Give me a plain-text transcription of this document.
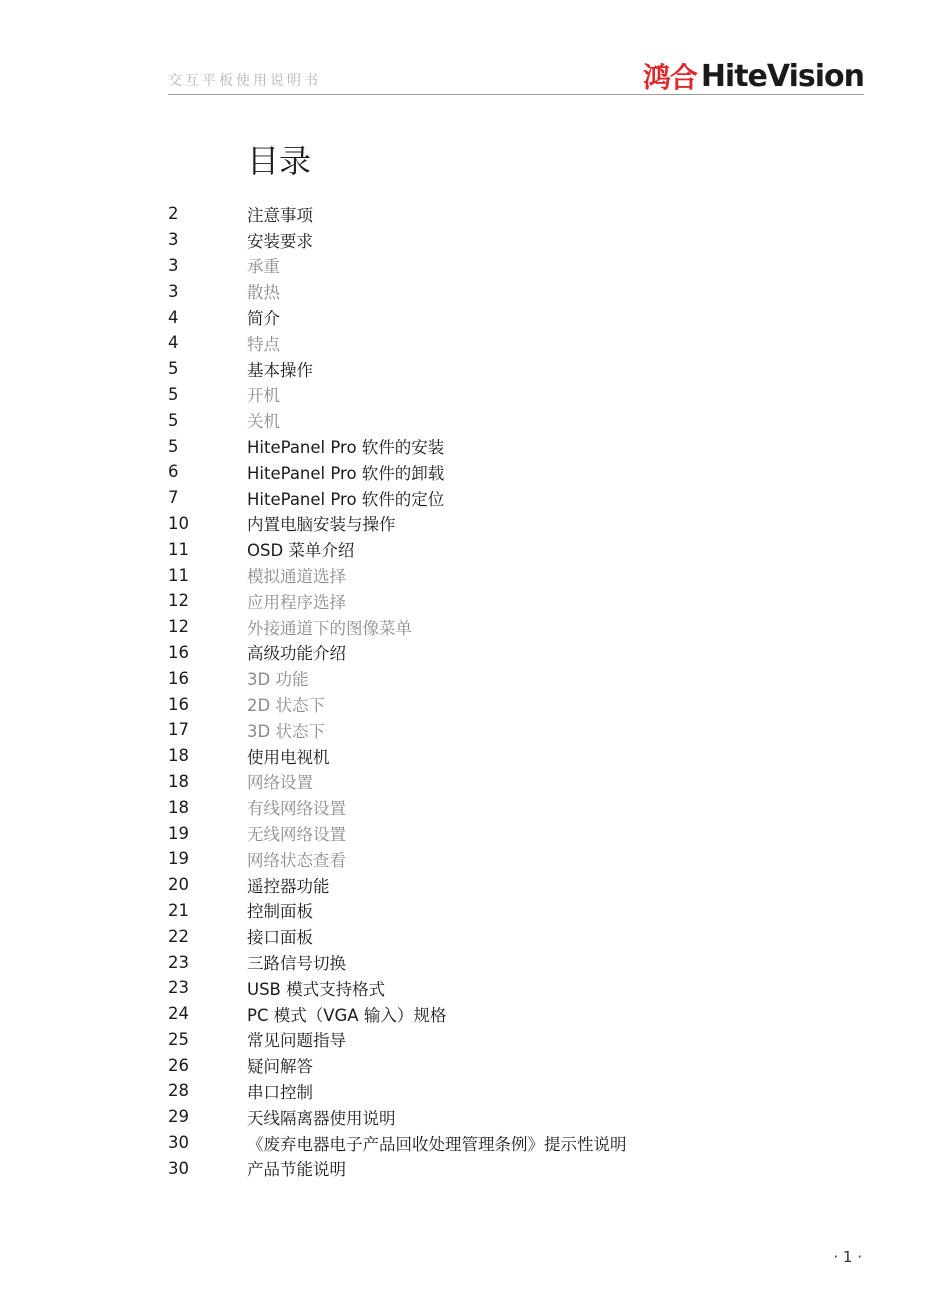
交互平板使用说明书	鸿合 HiteVision
目录
2	注意事项
3	安装要求
3	承重
3	散热
4	简介
4	特点
5	基本操作
5	开机
5	关机
5	HitePanel Pro 软件的安装
6	HitePanel Pro 软件的卸载
7	HitePanel Pro 软件的定位
10	内置电脑安装与操作
11	OSD 菜单介绍
11	模拟通道选择
12	应用程序选择
12	外接通道下的图像菜单
16	高级功能介绍
16	3D 功能
16	2D 状态下
17	3D 状态下
18	使用电视机
18	网络设置
18	有线网络设置
19	无线网络设置
19	网络状态查看
20	遥控器功能
21	控制面板
22	接口面板
23	三路信号切换
23	USB 模式支持格式
24	PC 模式（VGA 输入）规格
25	常见问题指导
26	疑问解答
28	串口控制
29	天线隔离器使用说明
30	《废弃电器电子产品回收处理管理条例》提示性说明
30	产品节能说明
· 1 ·
